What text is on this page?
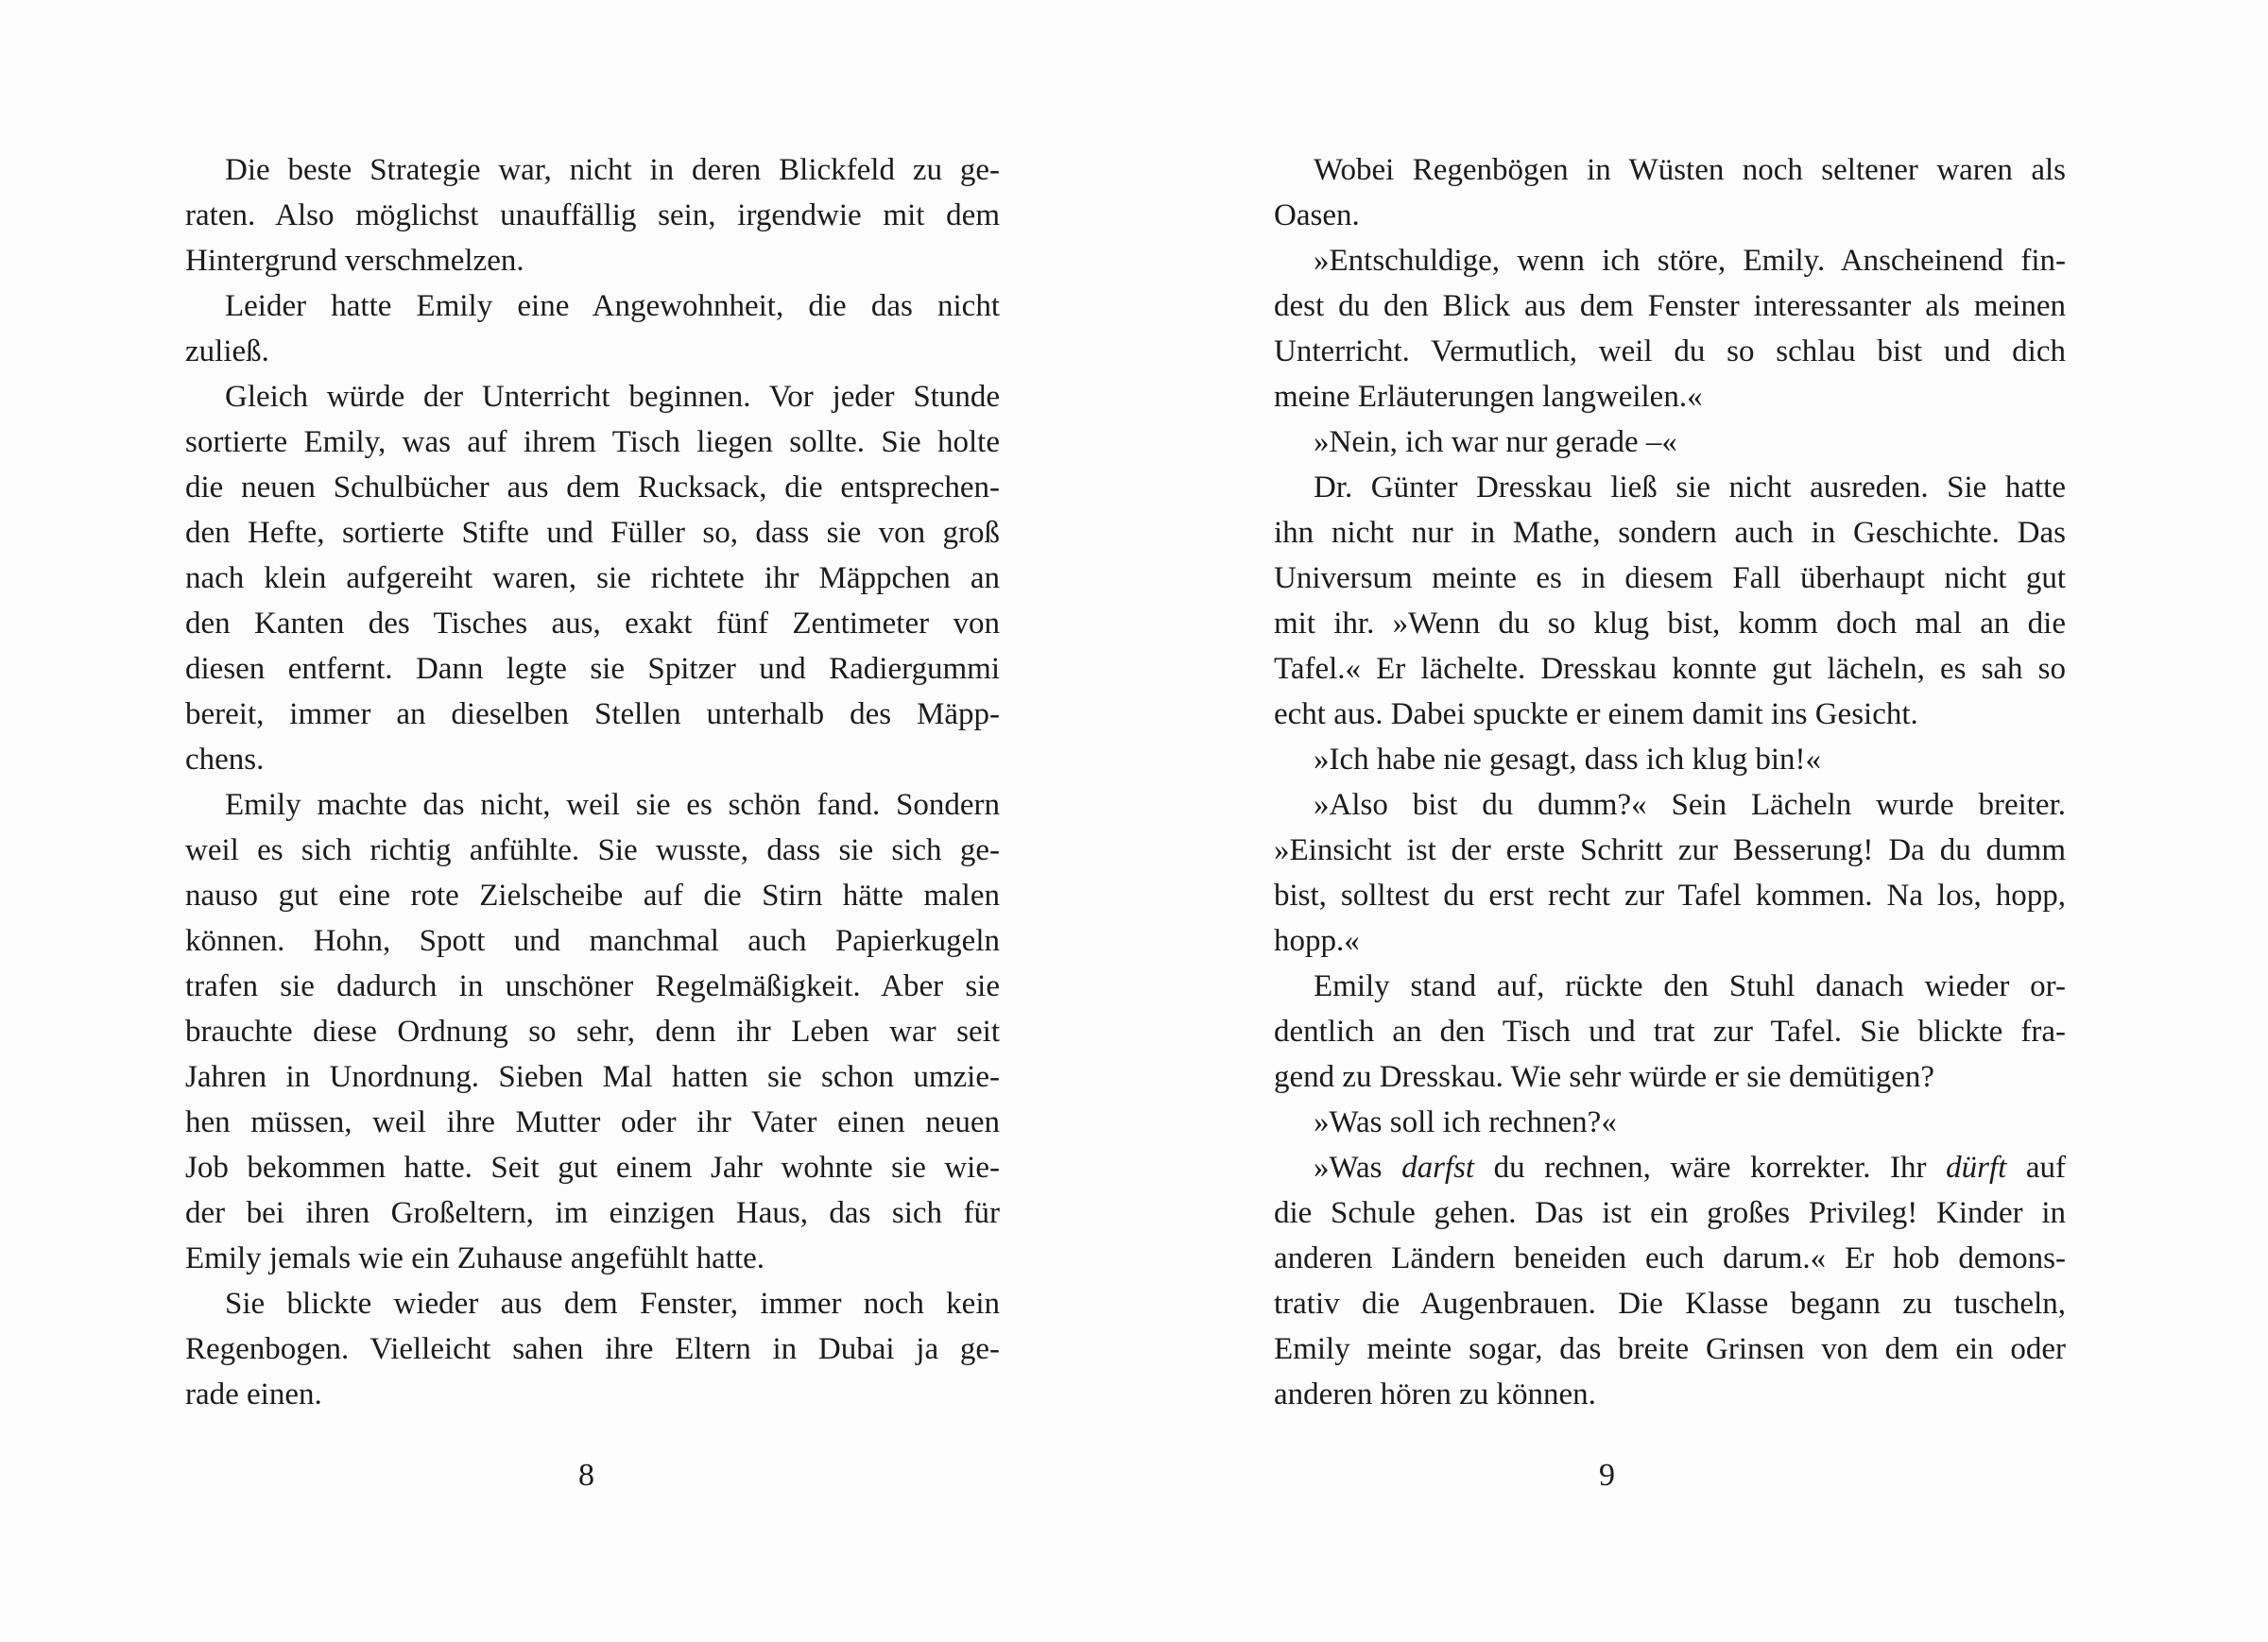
Die beste Strategie war, nicht in deren Blickfeld zu ge-
raten. Also möglichst unauffällig sein, irgendwie mit dem
Hintergrund verschmelzen.
Leider hatte Emily eine Angewohnheit, die das nicht
zuließ.
Gleich würde der Unterricht beginnen. Vor jeder Stunde
sortierte Emily, was auf ihrem Tisch liegen sollte. Sie holte
die neuen Schulbücher aus dem Rucksack, die entsprechen-
den Hefte, sortierte Stifte und Füller so, dass sie von groß
nach klein aufgereiht waren, sie richtete ihr Mäppchen an
den Kanten des Tisches aus, exakt fünf Zentimeter von
diesen entfernt. Dann legte sie Spitzer und Radiergummi
bereit, immer an dieselben Stellen unterhalb des Mäpp-
chens.
Emily machte das nicht, weil sie es schön fand. Sondern
weil es sich richtig anfühlte. Sie wusste, dass sie sich ge-
nauso gut eine rote Zielscheibe auf die Stirn hätte malen
können. Hohn, Spott und manchmal auch Papierkugeln
trafen sie dadurch in unschöner Regelmäßigkeit. Aber sie
brauchte diese Ordnung so sehr, denn ihr Leben war seit
Jahren in Unordnung. Sieben Mal hatten sie schon umzie-
hen müssen, weil ihre Mutter oder ihr Vater einen neuen
Job bekommen hatte. Seit gut einem Jahr wohnte sie wie-
der bei ihren Großeltern, im einzigen Haus, das sich für
Emily jemals wie ein Zuhause angefühlt hatte.
Sie blickte wieder aus dem Fenster, immer noch kein
Regenbogen. Vielleicht sahen ihre Eltern in Dubai ja ge-
rade einen.
Wobei Regenbögen in Wüsten noch seltener waren als
Oasen.
»Entschuldige, wenn ich störe, Emily. Anscheinend fin-
dest du den Blick aus dem Fenster interessanter als meinen
Unterricht. Vermutlich, weil du so schlau bist und dich
meine Erläuterungen langweilen.«
»Nein, ich war nur gerade –«
Dr. Günter Dresskau ließ sie nicht ausreden. Sie hatte
ihn nicht nur in Mathe, sondern auch in Geschichte. Das
Universum meinte es in diesem Fall überhaupt nicht gut
mit ihr. »Wenn du so klug bist, komm doch mal an die
Tafel.« Er lächelte. Dresskau konnte gut lächeln, es sah so
echt aus. Dabei spuckte er einem damit ins Gesicht.
»Ich habe nie gesagt, dass ich klug bin!«
»Also bist du dumm?« Sein Lächeln wurde breiter.
»Einsicht ist der erste Schritt zur Besserung! Da du dumm
bist, solltest du erst recht zur Tafel kommen. Na los, hopp,
hopp.«
Emily stand auf, rückte den Stuhl danach wieder or-
dentlich an den Tisch und trat zur Tafel. Sie blickte fra-
gend zu Dresskau. Wie sehr würde er sie demütigen?
»Was soll ich rechnen?«
»Was darfst du rechnen, wäre korrekter. Ihr dürft auf
die Schule gehen. Das ist ein großes Privileg! Kinder in
anderen Ländern beneiden euch darum.« Er hob demons-
trativ die Augenbrauen. Die Klasse begann zu tuscheln,
Emily meinte sogar, das breite Grinsen von dem ein oder
anderen hören zu können.
8	9
